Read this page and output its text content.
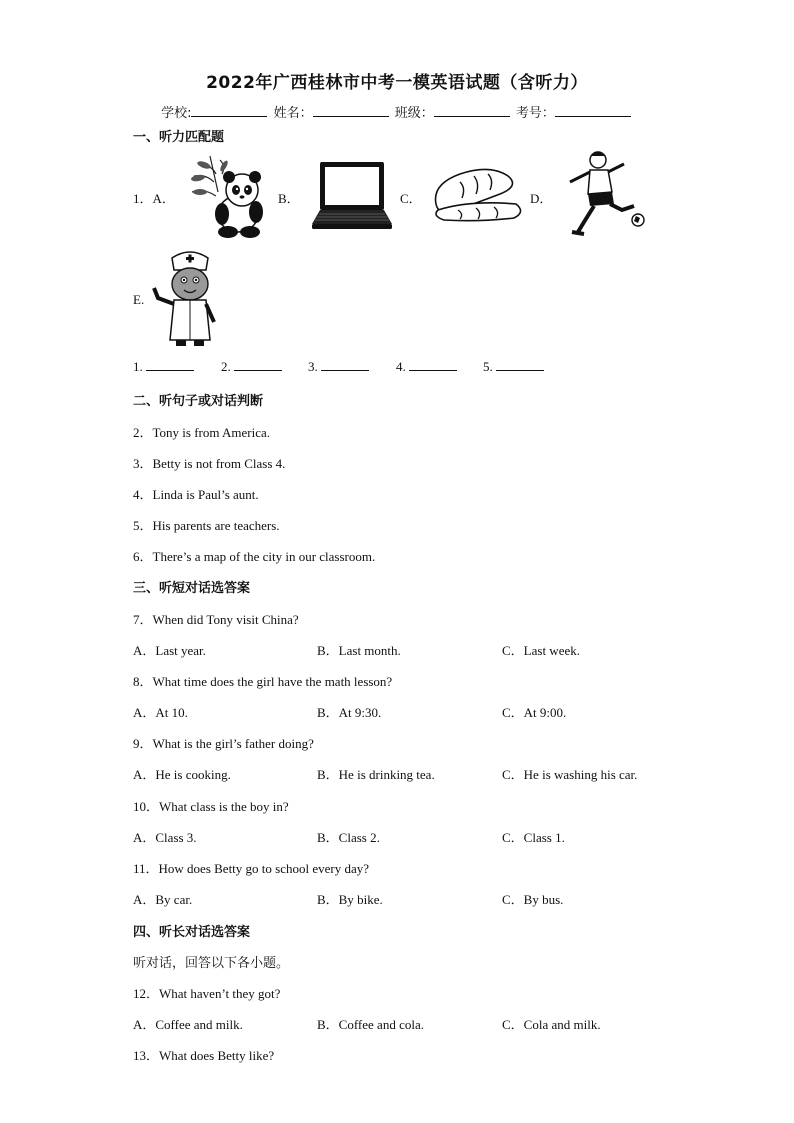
2022年广西桂林市中考一模英语试题（含听力）
学校:	姓名：	班级：	考号：
一、听力匹配题
1．A．	B．	C．	D．
E.
1.	2.	3.	4.	5.
二、听句子或对话判断
2．Tony is from America.
3．Betty is not from Class 4.
4．Linda is Paul’s aunt.
5．His parents are teachers.
6．There’s a map of the city in our classroom.
三、听短对话选答案
7．When did Tony visit China?
A．Last year.	B．Last month.	C．Last week.
8．What time does the girl have the math lesson?
A．At 10.	B．At 9:30.	C．At 9:00.
9．What is the girl’s father doing?
A．He is cooking.	B．He is drinking tea.	C．He is washing his car.
10．What class is the boy in?
A．Class 3.	B．Class 2.	C．Class 1.
11．How does Betty go to school every day?
A．By car.	B．By bike.	C．By bus.
四、听长对话选答案
听对话，回答以下各小题。
12．What haven’t they got?
A．Coffee and milk.	B．Coffee and cola.	C．Cola and milk.
13．What does Betty like?
